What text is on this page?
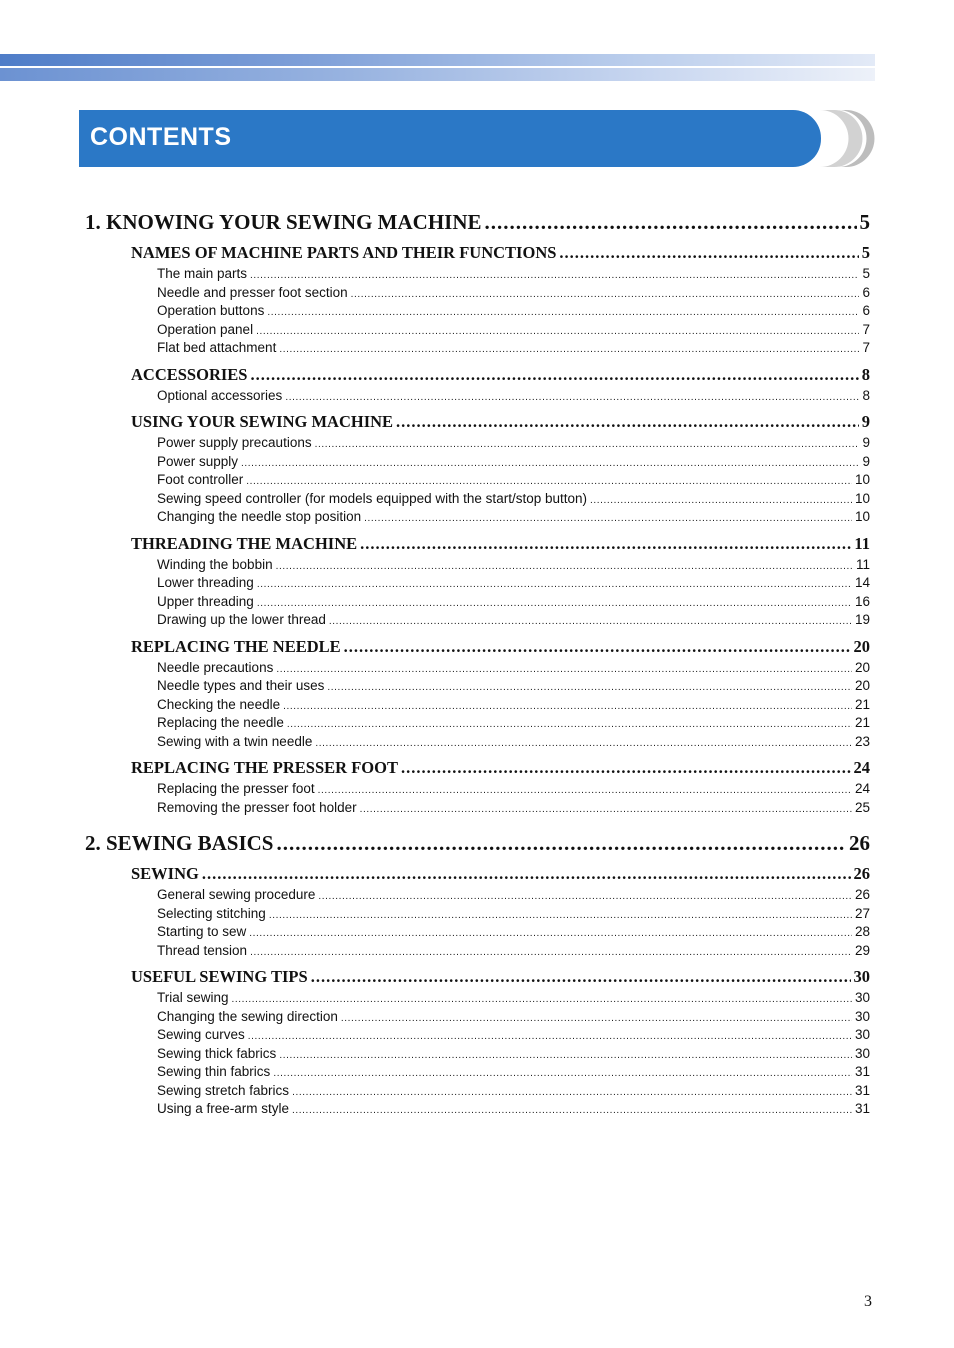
CONTENTS
1. KNOWING YOUR SEWING MACHINE .....	5
NAMES OF MACHINE PARTS AND THEIR FUNCTIONS .....	5
The main parts .....	5
Needle and presser foot section .....	6
Operation buttons .....	6
Operation panel .....	7
Flat bed attachment .....	7
ACCESSORIES .....	8
Optional accessories .....	8
USING YOUR SEWING MACHINE .....	9
Power supply precautions .....	9
Power supply .....	9
Foot controller .....	10
Sewing speed controller (for models equipped with the start/stop button) .....	10
Changing the needle stop position .....	10
THREADING THE MACHINE .....	11
Winding the bobbin .....	11
Lower threading .....	14
Upper threading .....	16
Drawing up the lower thread .....	19
REPLACING THE NEEDLE .....	20
Needle precautions .....	20
Needle types and their uses .....	20
Checking the needle .....	21
Replacing the needle .....	21
Sewing with a twin needle .....	23
REPLACING THE PRESSER FOOT .....	24
Replacing the presser foot .....	24
Removing the presser foot holder .....	25
2. SEWING BASICS .....	26
SEWING .....	26
General sewing procedure .....	26
Selecting stitching .....	27
Starting to sew .....	28
Thread tension .....	29
USEFUL SEWING TIPS .....	30
Trial sewing .....	30
Changing the sewing direction .....	30
Sewing curves .....	30
Sewing thick fabrics .....	30
Sewing thin fabrics .....	31
Sewing stretch fabrics .....	31
Using a free-arm style .....	31
3
